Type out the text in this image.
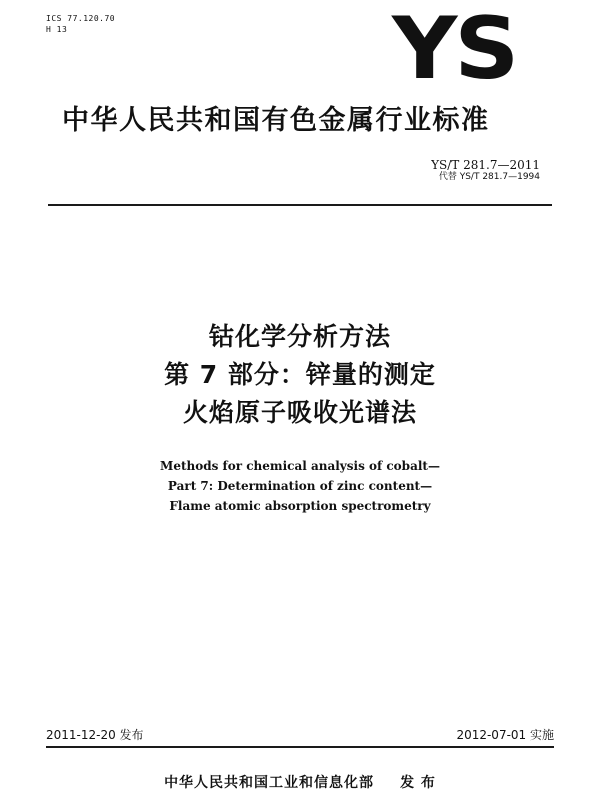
ICS 77.120.70
H 13	YS
中华人民共和国有色金属行业标准
YS/T 281.7—2011
代替 YS/T 281.7—1994
钴化学分析方法
第 7 部分：锌量的测定
火焰原子吸收光谱法
Methods for chemical analysis of cobalt—
Part 7: Determination of zinc content—
Flame atomic absorption spectrometry
2011-12-20 发布	2012-07-01 实施
中华人民共和国工业和信息化部 发 布
